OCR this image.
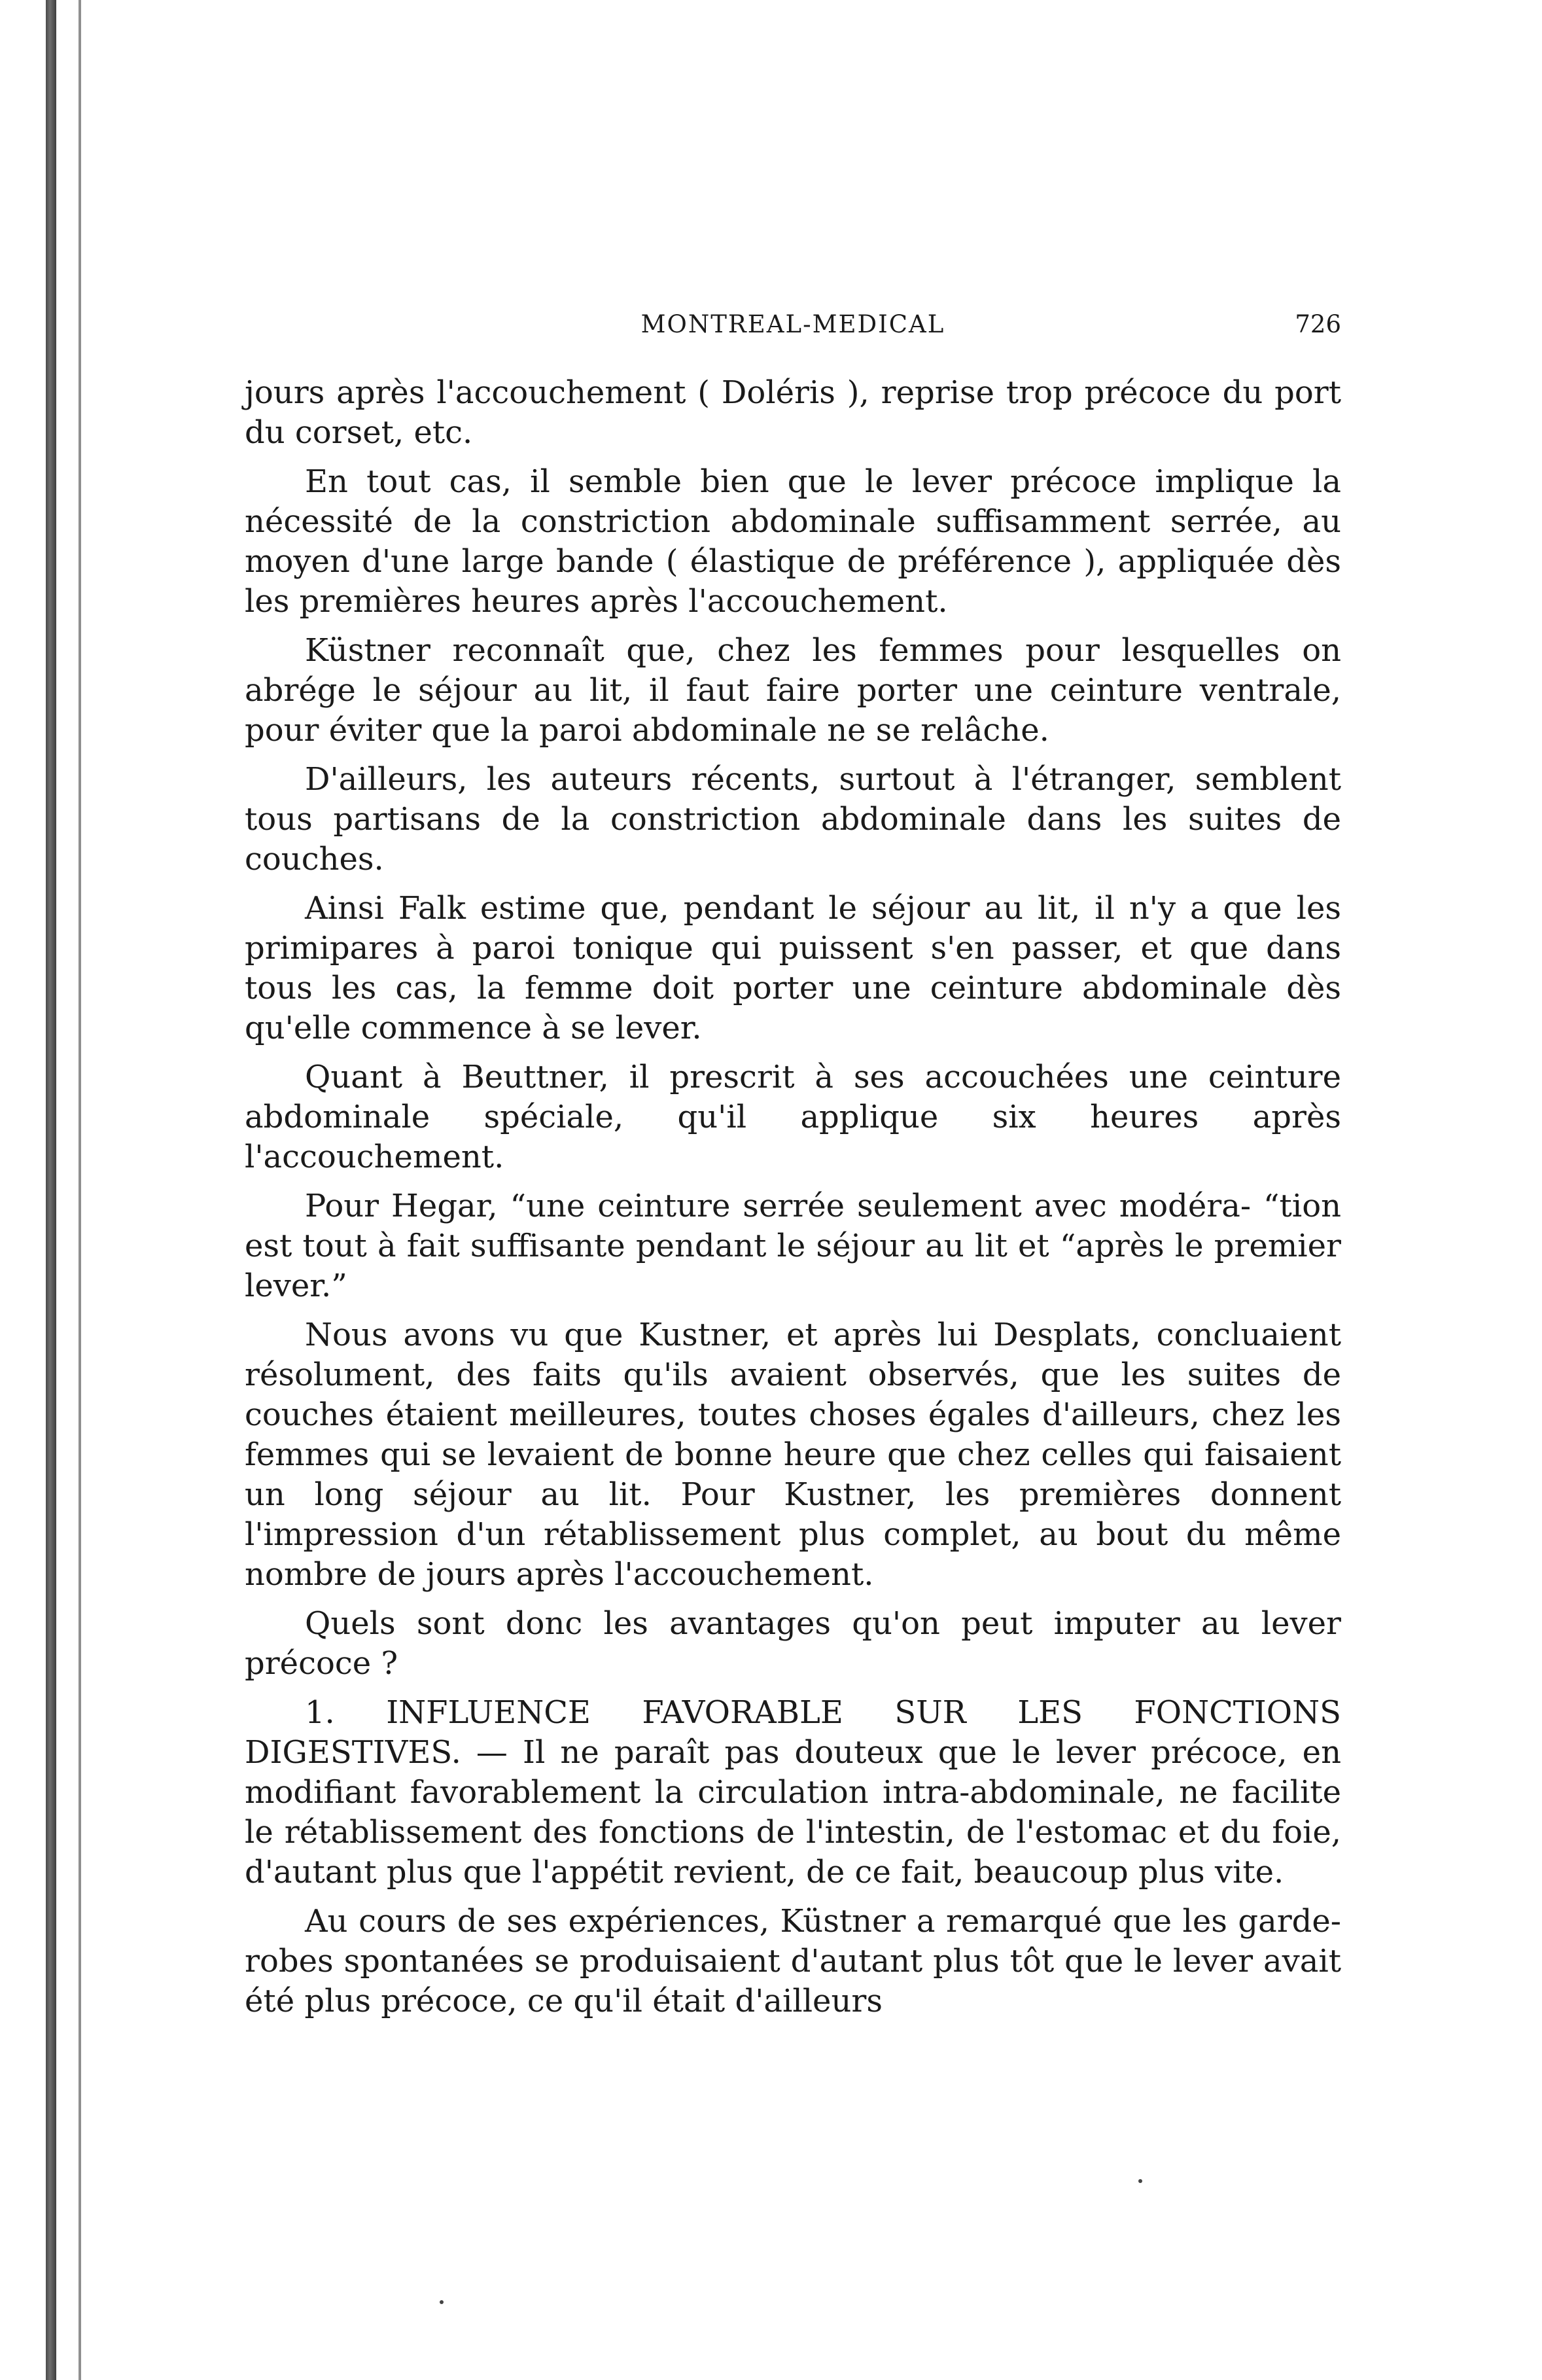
MONTREAL-MEDICAL	726

jours après l'accouchement ( Doléris ), reprise trop précoce du port du corset, etc.

En tout cas, il semble bien que le lever précoce implique la nécessité de la constriction abdominale suffisamment serrée, au moyen d'une large bande ( élastique de préférence ), appliquée dès les premières heures après l'accouchement.

Küstner reconnaît que, chez les femmes pour lesquelles on abrége le séjour au lit, il faut faire porter une ceinture ventrale, pour éviter que la paroi abdominale ne se relâche.

D'ailleurs, les auteurs récents, surtout à l'étranger, semblent tous partisans de la constriction abdominale dans les suites de couches.

Ainsi Falk estime que, pendant le séjour au lit, il n'y a que les primipares à paroi tonique qui puissent s'en passer, et que dans tous les cas, la femme doit porter une ceinture abdominale dès qu'elle commence à se lever.

Quant à Beuttner, il prescrit à ses accouchées une ceinture abdominale spéciale, qu'il applique six heures après l'accouchement.

Pour Hegar, “une ceinture serrée seulement avec modéra- “tion est tout à fait suffisante pendant le séjour au lit et “après le premier lever.”

Nous avons vu que Kustner, et après lui Desplats, concluaient résolument, des faits qu'ils avaient observés, que les suites de couches étaient meilleures, toutes choses égales d'ailleurs, chez les femmes qui se levaient de bonne heure que chez celles qui faisaient un long séjour au lit. Pour Kustner, les premières donnent l'impression d'un rétablissement plus complet, au bout du même nombre de jours après l'accouchement.

Quels sont donc les avantages qu'on peut imputer au lever précoce ?

1. INFLUENCE FAVORABLE SUR LES FONCTIONS DIGESTIVES. — Il ne paraît pas douteux que le lever précoce, en modifiant favorablement la circulation intra-abdominale, ne facilite le rétablissement des fonctions de l'intestin, de l'estomac et du foie, d'autant plus que l'appétit revient, de ce fait, beaucoup plus vite.

Au cours de ses expériences, Küstner a remarqué que les garde-robes spontanées se produisaient d'autant plus tôt que le lever avait été plus précoce, ce qu'il était d'ailleurs
